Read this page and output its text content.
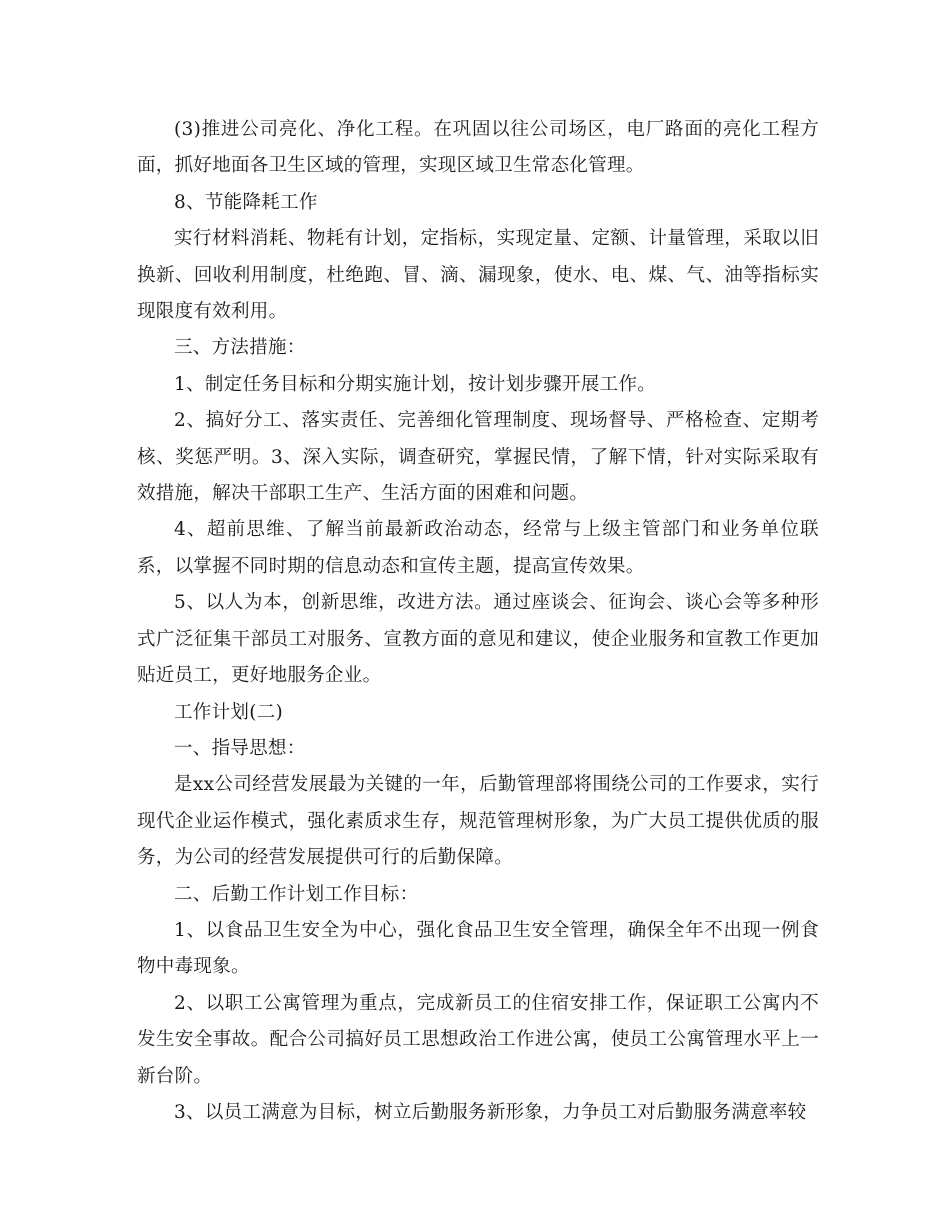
(3)推进公司亮化、净化工程。在巩固以往公司场区，电厂路面的亮化工程方面，抓好地面各卫生区域的管理，实现区域卫生常态化管理。

8、节能降耗工作

实行材料消耗、物耗有计划，定指标，实现定量、定额、计量管理，采取以旧换新、回收利用制度，杜绝跑、冒、滴、漏现象，使水、电、煤、气、油等指标实现限度有效利用。

三、方法措施：

1、制定任务目标和分期实施计划，按计划步骤开展工作。

2、搞好分工、落实责任、完善细化管理制度、现场督导、严格检查、定期考核、奖惩严明。3、深入实际，调查研究，掌握民情，了解下情，针对实际采取有效措施，解决干部职工生产、生活方面的困难和问题。

4、超前思维、了解当前最新政治动态，经常与上级主管部门和业务单位联系，以掌握不同时期的信息动态和宣传主题，提高宣传效果。

5、以人为本，创新思维，改进方法。通过座谈会、征询会、谈心会等多种形式广泛征集干部员工对服务、宣教方面的意见和建议，使企业服务和宣教工作更加贴近员工，更好地服务企业。

工作计划(二)

一、指导思想：

是xx公司经营发展最为关键的一年，后勤管理部将围绕公司的工作要求，实行现代企业运作模式，强化素质求生存，规范管理树形象，为广大员工提供优质的服务，为公司的经营发展提供可行的后勤保障。

二、后勤工作计划工作目标：

1、以食品卫生安全为中心，强化食品卫生安全管理，确保全年不出现一例食物中毒现象。

2、以职工公寓管理为重点，完成新员工的住宿安排工作，保证职工公寓内不发生安全事故。配合公司搞好员工思想政治工作进公寓，使员工公寓管理水平上一新台阶。

3、以员工满意为目标，树立后勤服务新形象，力争员工对后勤服务满意率较
